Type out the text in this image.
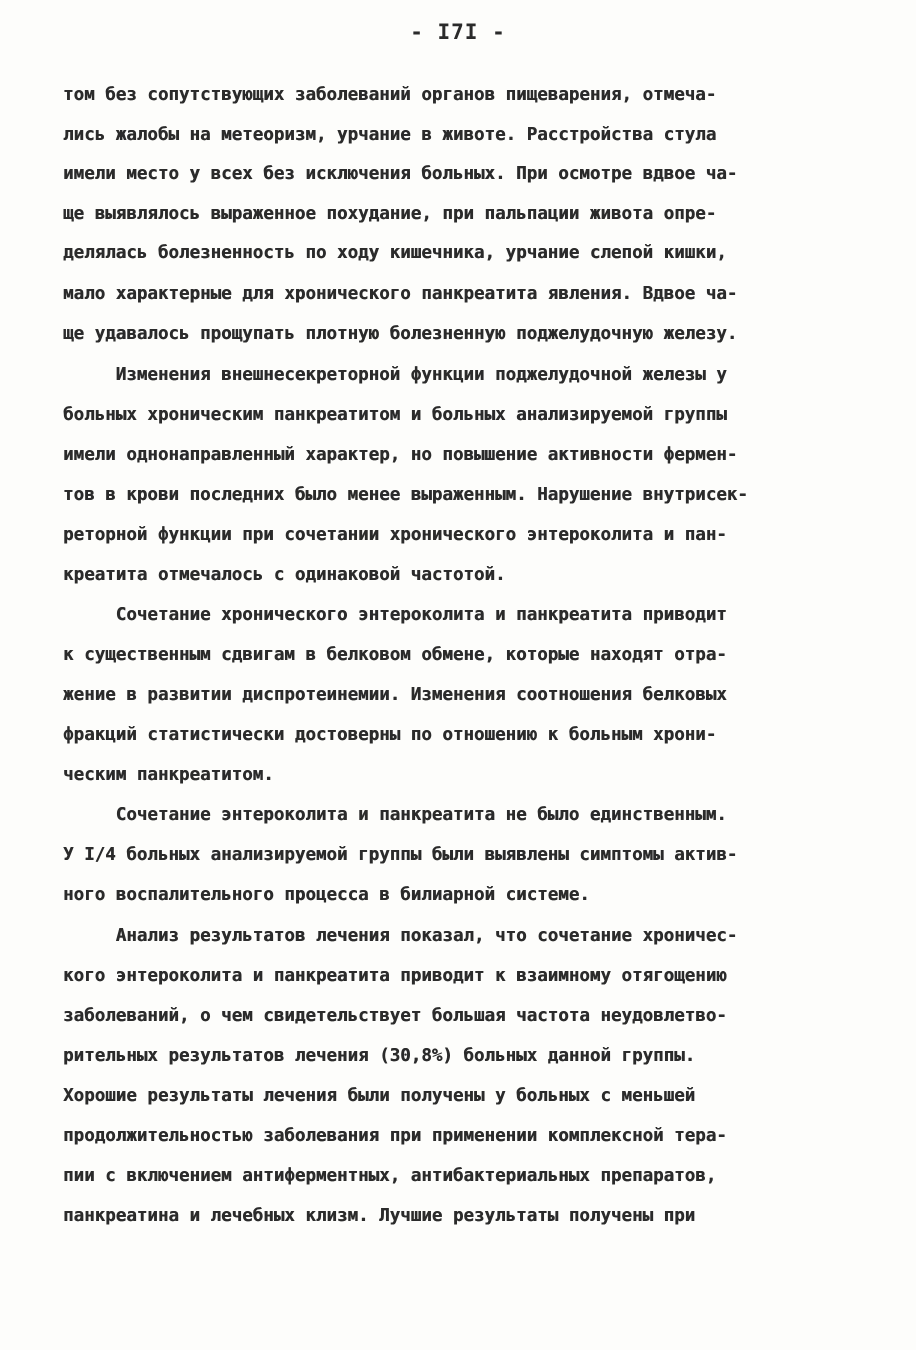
- I7I -
том без сопутствующих заболеваний органов пищеварения, отмеча-
лись жалобы на метеоризм, урчание в животе. Расстройства стула
имели место у всех без исключения больных. При осмотре вдвое ча-
ще выявлялось выраженное похудание, при пальпации живота опре-
делялась болезненность по ходу кишечника, урчание слепой кишки,
мало характерные для хронического панкреатита явления. Вдвое ча-
ще удавалось прощупать плотную болезненную поджелудочную железу.
Изменения внешнесекреторной функции поджелудочной железы у
больных хроническим панкреатитом и больных анализируемой группы
имели однонаправленный характер, но повышение активности фермен-
тов в крови последних было менее выраженным. Нарушение внутрисек-
реторной функции при сочетании хронического энтероколита и пан-
креатита отмечалось с одинаковой частотой.
Сочетание хронического энтероколита и панкреатита приводит
к существенным сдвигам в белковом обмене, которые находят отра-
жение в развитии диспротеинемии. Изменения соотношения белковых
фракций статистически достоверны по отношению к больным хрони-
ческим панкреатитом.
Сочетание энтероколита и панкреатита не было единственным.
У I/4 больных анализируемой группы были выявлены симптомы актив-
ного воспалительного процесса в билиарной системе.
Анализ результатов лечения показал, что сочетание хроничес-
кого энтероколита и панкреатита приводит к взаимному отягощению
заболеваний, о чем свидетельствует большая частота неудовлетво-
рительных результатов лечения (30,8%) больных данной группы.
Хорошие результаты лечения были получены у больных с меньшей
продолжительностью заболевания при применении комплексной тера-
пии с включением антиферментных, антибактериальных препаратов,
панкреатина и лечебных клизм. Лучшие результаты получены при
